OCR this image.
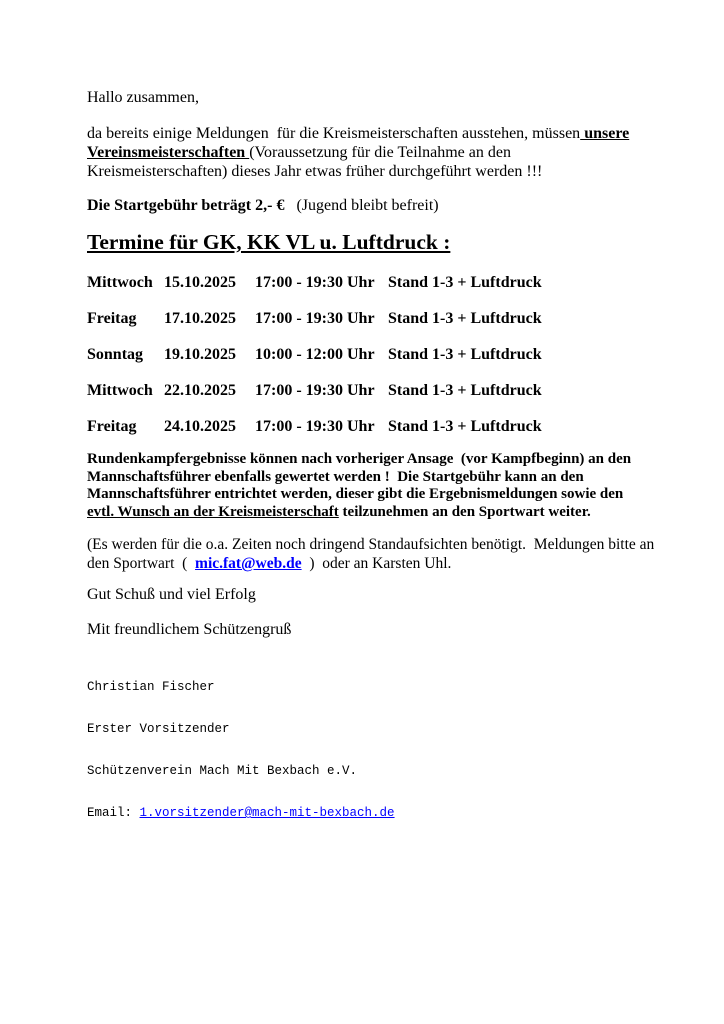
Hallo zusammen,

da bereits einige Meldungen  für die Kreismeisterschaften ausstehen, müssen unsere
Vereinsmeisterschaften (Voraussetzung für die Teilnahme an den
Kreismeisterschaften) dieses Jahr etwas früher durchgeführt werden !!!

Die Startgebühr beträgt 2,- €   (Jugend bleibt befreit)

Termine für GK, KK VL u. Luftdruck :
Mittwoch 15.10.2025	17:00 - 19:30 Uhr Stand 1-3 + Luftdruck
Freitag	17.10.2025	17:00 - 19:30 Uhr Stand 1-3 + Luftdruck
Sonntag	19.10.2025	10:00 - 12:00 Uhr Stand 1-3 + Luftdruck
Mittwoch 22.10.2025	17:00 - 19:30 Uhr Stand 1-3 + Luftdruck
Freitag	24.10.2025	17:00 - 19:30 Uhr Stand 1-3 + Luftdruck

Rundenkampfergebnisse können nach vorheriger Ansage  (vor Kampfbeginn) an den
Mannschaftsführer ebenfalls gewertet werden !  Die Startgebühr kann an den
Mannschaftsführer entrichtet werden, dieser gibt die Ergebnismeldungen sowie den
evtl. Wunsch an der Kreismeisterschaft teilzunehmen an den Sportwart weiter.

(Es werden für die o.a. Zeiten noch dringend Standaufsichten benötigt.  Meldungen bitte an
den Sportwart  (  mic.fat@web.de  )  oder an Karsten Uhl.

Gut Schuß und viel Erfolg

Mit freundlichem Schützengruß

Christian Fischer

Erster Vorsitzender

Schützenverein Mach Mit Bexbach e.V.

Email: 1.vorsitzender@mach-mit-bexbach.de
